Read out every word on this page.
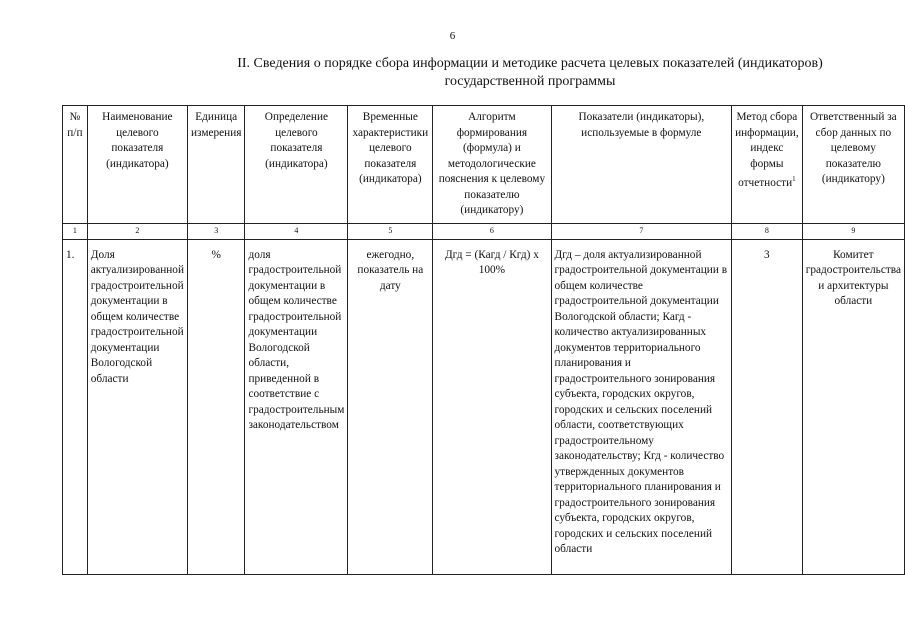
6
II. Сведения о порядке сбора информации и методике расчета целевых показателей (индикаторов) государственной программы
№ п/п	Наименование целевого показателя (индикатора)	Единица измерения	Определение целевого показателя (индикатора)	Временные характеристики целевого показателя (индикатора)	Алгоритм формирования (формула) и методологические пояснения к целевому показателю (индикатору)	Показатели (индикаторы), используемые в формуле	Метод сбора информации, индекс формы отчетности$^1$	Ответственный за сбор данных по целевому показателю (индикатору)
1	2	3	4	5	6	7	8	9
1.	Доля актуализированной градостроительной документации в общем количестве градостроительной документации Вологодской области	%	доля градостроительной документации в общем количестве градостроительной документации Вологодской области, приведенной в соответствие с градостроительным законодательством	ежегодно, показатель на дату	Дгд = (Кагд / Кгд) х 100%	Дгд – доля актуализированной градостроительной документации в общем количестве градостроительной документации Вологодской области; Кагд - количество актуализированных документов территориального планирования и градостроительного зонирования субъекта, городских округов, городских и сельских поселений области, соответствующих градостроительному законодательству; Кгд - количество утвержденных документов территориального планирования и градостроительного зонирования субъекта, городских округов, городских и сельских поселений области	3	Комитет градостроительства и архитектуры области
